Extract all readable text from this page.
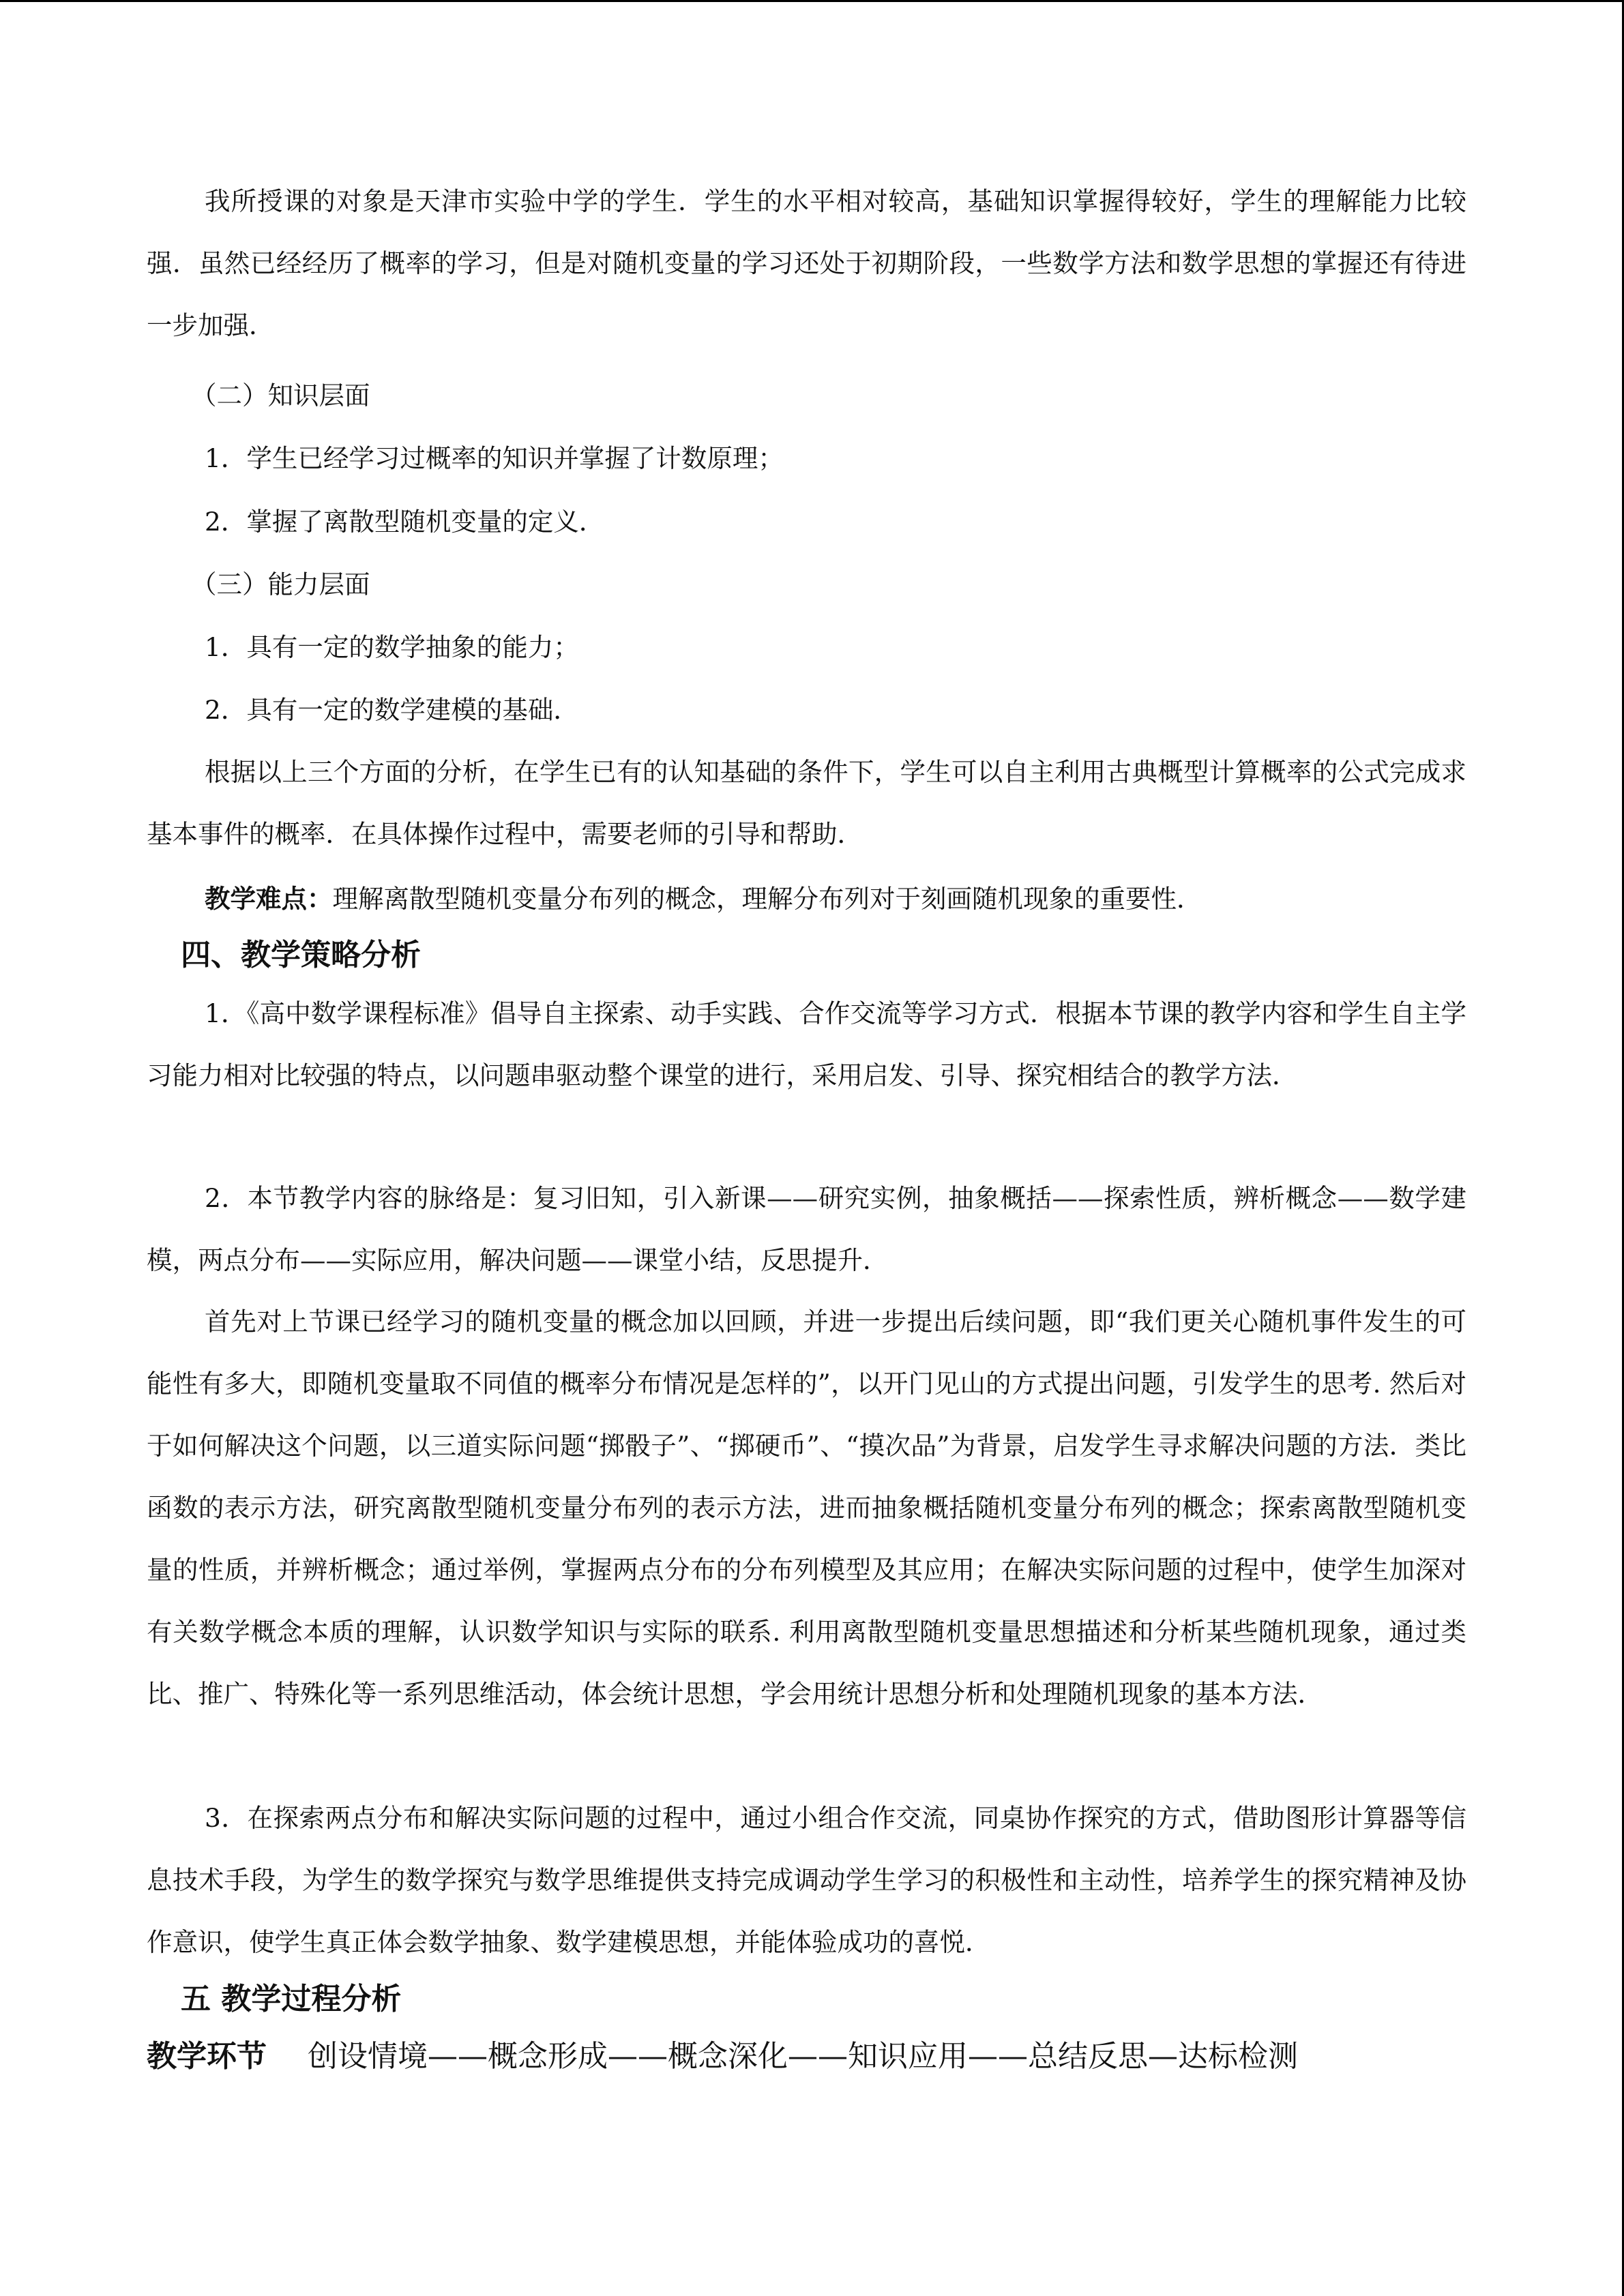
我所授课的对象是天津市实验中学的学生．学生的水平相对较高，基础知识掌握得较好，学生的理解能力比较强．虽然已经经历了概率的学习，但是对随机变量的学习还处于初期阶段，一些数学方法和数学思想的掌握还有待进一步加强．

（二）知识层面

1．学生已经学习过概率的知识并掌握了计数原理；

2．掌握了离散型随机变量的定义．

（三）能力层面

1．具有一定的数学抽象的能力；

2．具有一定的数学建模的基础．

根据以上三个方面的分析，在学生已有的认知基础的条件下，学生可以自主利用古典概型计算概率的公式完成求基本事件的概率．在具体操作过程中，需要老师的引导和帮助．

教学难点：理解离散型随机变量分布列的概念，理解分布列对于刻画随机现象的重要性．

四、教学策略分析

1．《高中数学课程标准》倡导自主探索、动手实践、合作交流等学习方式．根据本节课的教学内容和学生自主学习能力相对比较强的特点，以问题串驱动整个课堂的进行，采用启发、引导、探究相结合的教学方法．

2．本节教学内容的脉络是：复习旧知，引入新课——研究实例，抽象概括——探索性质，辨析概念——数学建模，两点分布——实际应用，解决问题——课堂小结，反思提升．

首先对上节课已经学习的随机变量的概念加以回顾，并进一步提出后续问题，即“我们更关心随机事件发生的可能性有多大，即随机变量取不同值的概率分布情况是怎样的”，以开门见山的方式提出问题，引发学生的思考. 然后对于如何解决这个问题，以三道实际问题“掷骰子”、“掷硬币”、“摸次品”为背景，启发学生寻求解决问题的方法．类比函数的表示方法，研究离散型随机变量分布列的表示方法，进而抽象概括随机变量分布列的概念；探索离散型随机变量的性质，并辨析概念；通过举例，掌握两点分布的分布列模型及其应用；在解决实际问题的过程中，使学生加深对有关数学概念本质的理解，认识数学知识与实际的联系. 利用离散型随机变量思想描述和分析某些随机现象，通过类比、推广、特殊化等一系列思维活动，体会统计思想，学会用统计思想分析和处理随机现象的基本方法．

3．在探索两点分布和解决实际问题的过程中，通过小组合作交流，同桌协作探究的方式，借助图形计算器等信息技术手段，为学生的数学探究与数学思维提供支持完成调动学生学习的积极性和主动性，培养学生的探究精神及协作意识，使学生真正体会数学抽象、数学建模思想，并能体验成功的喜悦．

五 教学过程分析

教学环节 创设情境——概念形成——概念深化——知识应用——总结反思—达标检测
